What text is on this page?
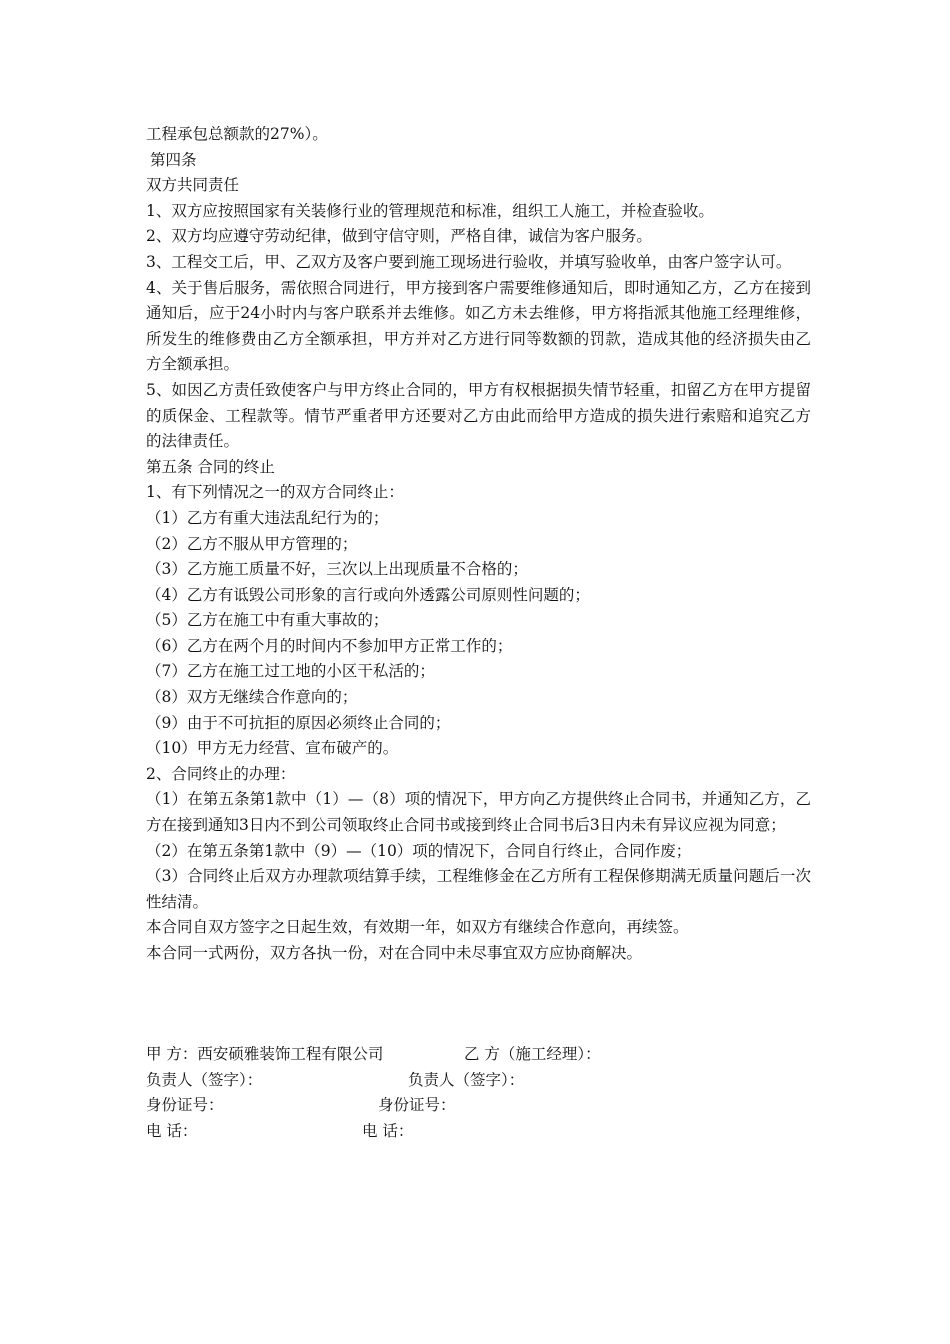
工程承包总额款的27%）。
第四条
双方共同责任
1、双方应按照国家有关装修行业的管理规范和标准，组织工人施工，并检查验收。
2、双方均应遵守劳动纪律，做到守信守则，严格自律，诚信为客户服务。
3、工程交工后，甲、乙双方及客户要到施工现场进行验收，并填写验收单，由客户签字认可。
4、关于售后服务，需依照合同进行，甲方接到客户需要维修通知后，即时通知乙方，乙方在接到通知后，应于24小时内与客户联系并去维修。如乙方未去维修，甲方将指派其他施工经理维修，所发生的维修费由乙方全额承担，甲方并对乙方进行同等数额的罚款，造成其他的经济损失由乙方全额承担。
5、如因乙方责任致使客户与甲方终止合同的，甲方有权根据损失情节轻重，扣留乙方在甲方提留的质保金、工程款等。情节严重者甲方还要对乙方由此而给甲方造成的损失进行索赔和追究乙方的法律责任。
第五条 合同的终止
1、有下列情况之一的双方合同终止：
（1）乙方有重大违法乱纪行为的；
（2）乙方不服从甲方管理的；
（3）乙方施工质量不好，三次以上出现质量不合格的；
（4）乙方有诋毁公司形象的言行或向外透露公司原则性问题的；
（5）乙方在施工中有重大事故的；
（6）乙方在两个月的时间内不参加甲方正常工作的；
（7）乙方在施工过工地的小区干私活的；
（8）双方无继续合作意向的；
（9）由于不可抗拒的原因必须终止合同的；
（10）甲方无力经营、宣布破产的。
2、合同终止的办理：
（1）在第五条第1款中（1）—（8）项的情况下，甲方向乙方提供终止合同书，并通知乙方，乙方在接到通知3日内不到公司领取终止合同书或接到终止合同书后3日内未有异议应视为同意；
（2）在第五条第1款中（9）—（10）项的情况下，合同自行终止，合同作废；
（3）合同终止后双方办理款项结算手续，工程维修金在乙方所有工程保修期满无质量问题后一次性结清。
本合同自双方签字之日起生效，有效期一年，如双方有继续合作意向，再续签。
本合同一式两份，双方各执一份，对在合同中未尽事宜双方应协商解决。
甲 方：西安硕雅装饰工程有限公司	乙 方（施工经理）：
负责人（签字）：	负责人（签字）：
身份证号：	身份证号：
电 话：	电 话：
